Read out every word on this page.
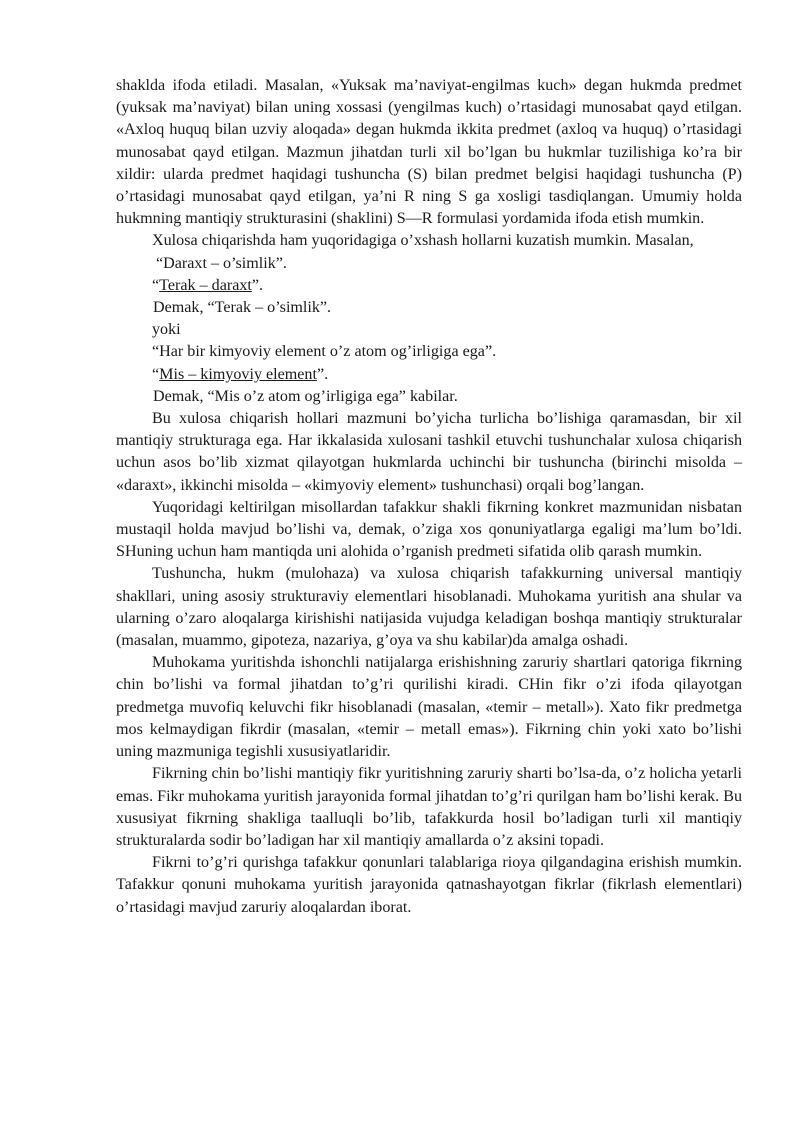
shaklda ifoda etiladi. Masalan, «Yuksak ma’naviyat-engilmas kuch» degan hukmda predmet (yuksak ma’naviyat) bilan uning xossasi (yengilmas kuch) o’rtasidagi munosabat qayd etilgan. «Axloq huquq bilan uzviy aloqada» degan hukmda ikkita predmet (axloq va huquq) o’rtasidagi munosabat qayd etilgan. Mazmun jihatdan turli xil bo’lgan bu hukmlar tuzilishiga ko’ra bir xildir: ularda predmet haqidagi tushuncha (S) bilan predmet belgisi haqidagi tushuncha (P) o’rtasidagi munosabat qayd etilgan, ya’ni R ning S ga xosligi tasdiqlangan. Umumiy holda hukmning mantiqiy strukturasini (shaklini) S—R formulasi yordamida ifoda etish mumkin.

Xulosa chiqarishda ham yuqoridagiga o’xshash hollarni kuzatish mumkin. Masalan,

“Daraxt – o’simlik”.

“Terak – daraxt”.

Demak, “Terak – o’simlik”.

yoki

“Har bir kimyoviy element o’z atom og’irligiga ega”.

“Mis – kimyoviy element”.

Demak, “Mis o’z atom og’irligiga ega” kabilar.

Bu xulosa chiqarish hollari mazmuni bo’yicha turlicha bo’lishiga qaramasdan, bir xil mantiqiy strukturaga ega. Har ikkalasida xulosani tashkil etuvchi tushunchalar xulosa chiqarish uchun asos bo’lib xizmat qilayotgan hukmlarda uchinchi bir tushuncha (birinchi misolda – «daraxt», ikkinchi misolda – «kimyoviy element» tushunchasi) orqali bog’langan.

Yuqoridagi keltirilgan misollardan tafakkur shakli fikrning konkret mazmunidan nisbatan mustaqil holda mavjud bo’lishi va, demak, o’ziga xos qonuniyatlarga egaligi ma’lum bo’ldi. SHuning uchun ham mantiqda uni alohida o’rganish predmeti sifatida olib qarash mumkin.

Tushuncha, hukm (mulohaza) va xulosa chiqarish tafakkurning universal mantiqiy shakllari, uning asosiy strukturaviy elementlari hisoblanadi. Muhokama yuritish ana shular va ularning o’zaro aloqalarga kirishishi natijasida vujudga keladigan boshqa mantiqiy strukturalar (masalan, muammo, gipoteza, nazariya, g’oya va shu kabilar)da amalga oshadi.

Muhokama yuritishda ishonchli natijalarga erishishning zaruriy shartlari qatoriga fikrning chin bo’lishi va formal jihatdan to’g’ri qurilishi kiradi. CHin fikr o’zi ifoda qilayotgan predmetga muvofiq keluvchi fikr hisoblanadi (masalan, «temir – metall»). Xato fikr predmetga mos kelmaydigan fikrdir (masalan, «temir – metall emas»). Fikrning chin yoki xato bo’lishi uning mazmuniga tegishli xususiyatlaridir.

Fikrning chin bo’lishi mantiqiy fikr yuritishning zaruriy sharti bo’lsa-da, o’z holicha yetarli emas. Fikr muhokama yuritish jarayonida formal jihatdan to’g’ri qurilgan ham bo’lishi kerak. Bu xususiyat fikrning shakliga taalluqli bo’lib, tafakkurda hosil bo’ladigan turli xil mantiqiy strukturalarda sodir bo’ladigan har xil mantiqiy amallarda o’z aksini topadi.

Fikrni to’g’ri qurishga tafakkur qonunlari talablariga rioya qilgandagina erishish mumkin. Tafakkur qonuni muhokama yuritish jarayonida qatnashayotgan fikrlar (fikrlash elementlari) o’rtasidagi mavjud zaruriy aloqalardan iborat.
